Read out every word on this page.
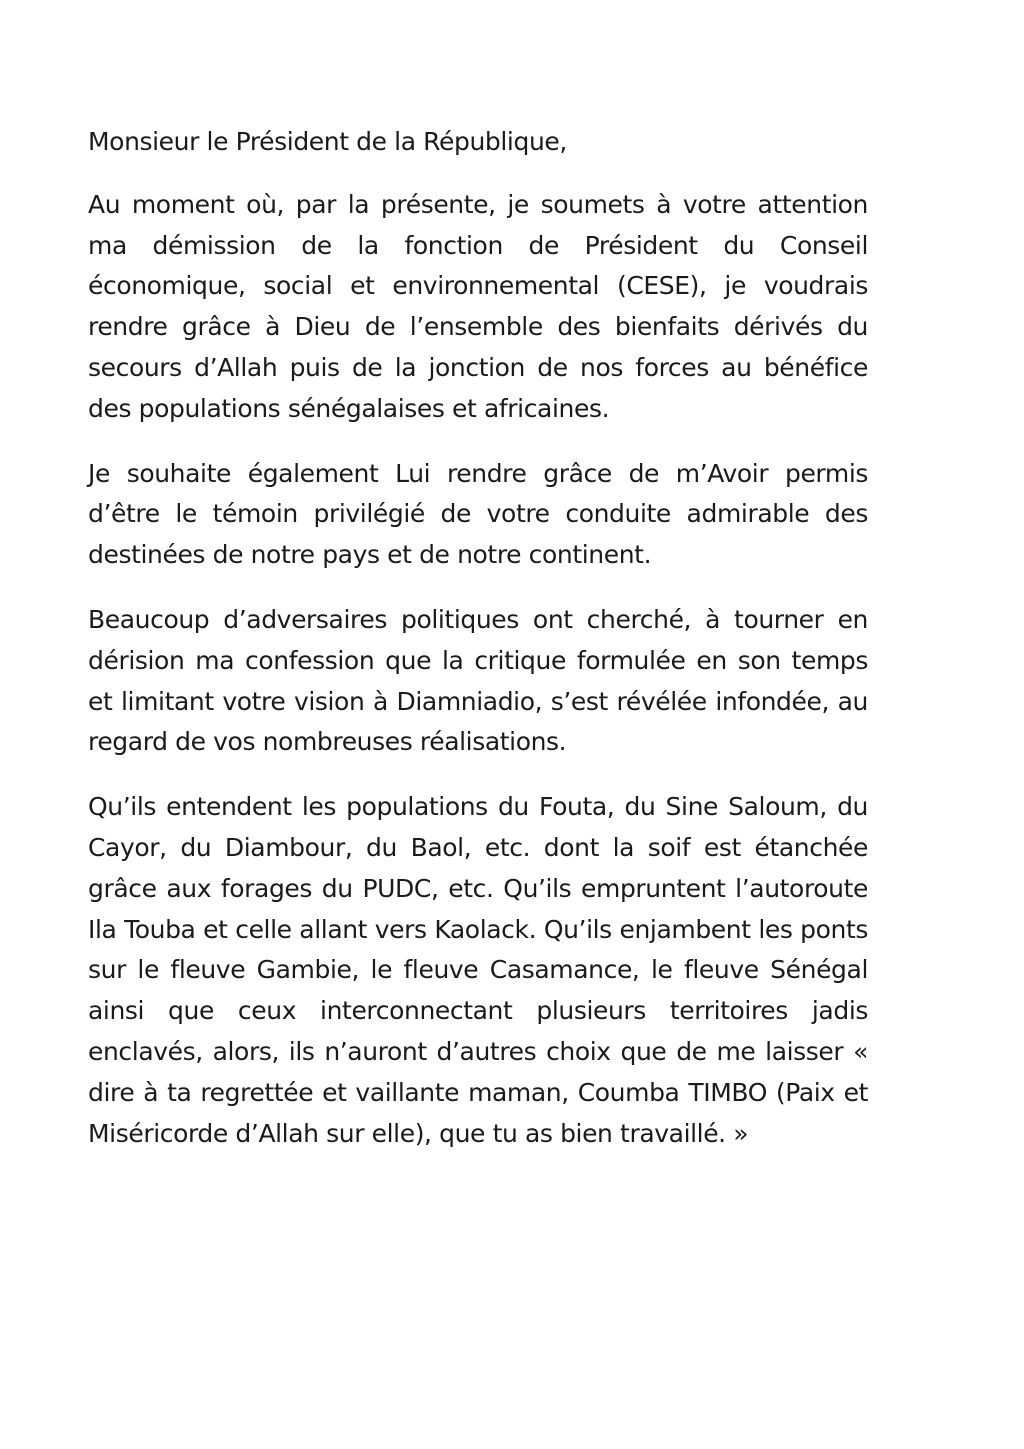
Monsieur le Président de la République,

Au moment où, par la présente, je soumets à votre attention ma démission de la fonction de Président du Conseil économique, social et environnemental (CESE), je voudrais rendre grâce à Dieu de l’ensemble des bienfaits dérivés du secours d’Allah puis de la jonction de nos forces au bénéfice des populations sénégalaises et africaines.

Je souhaite également Lui rendre grâce de m’Avoir permis d’être le témoin privilégié de votre conduite admirable des destinées de notre pays et de notre continent.

Beaucoup d’adversaires politiques ont cherché, à tourner en dérision ma confession que la critique formulée en son temps et limitant votre vision à Diamniadio, s’est révélée infondée, au regard de vos nombreuses réalisations.

Qu’ils entendent les populations du Fouta, du Sine Saloum, du Cayor, du Diambour, du Baol, etc. dont la soif est étanchée grâce aux forages du PUDC, etc. Qu’ils empruntent l’autoroute Ila Touba et celle allant vers Kaolack. Qu’ils enjambent les ponts sur le fleuve Gambie, le fleuve Casamance, le fleuve Sénégal ainsi que ceux interconnectant plusieurs territoires jadis enclavés, alors, ils n’auront d’autres choix que de me laisser « dire à ta regrettée et vaillante maman, Coumba TIMBO (Paix et Miséricorde d’Allah sur elle), que tu as bien travaillé. »
